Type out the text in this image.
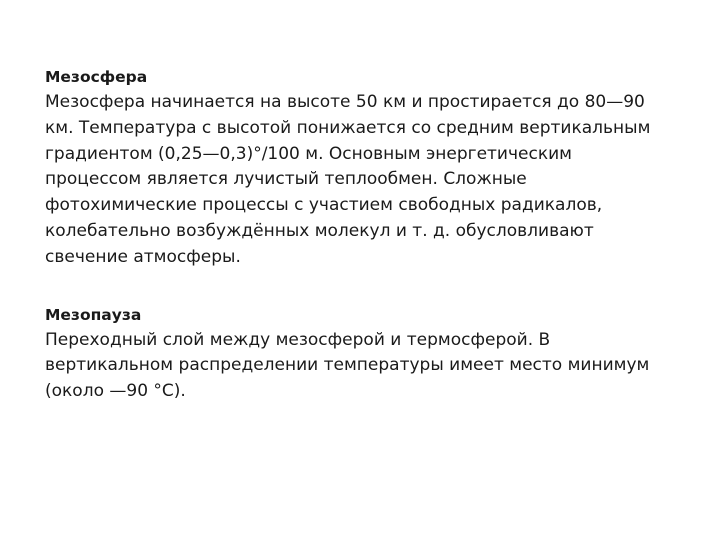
Мезосфера

Мезосфера начинается на высоте 50 км и простирается до 80—90

км. Температура с высотой понижается со средним вертикальным

градиентом (0,25—0,3)°/100 м. Основным энергетическим

процессом является лучистый теплообмен. Сложные

фотохимические процессы с участием свободных радикалов,

колебательно возбуждённых молекул и т. д. обусловливают

свечение атмосферы.

Мезопауза

Переходный слой между мезосферой и термосферой. В

вертикальном распределении температуры имеет место минимум

(около —90 °С).
